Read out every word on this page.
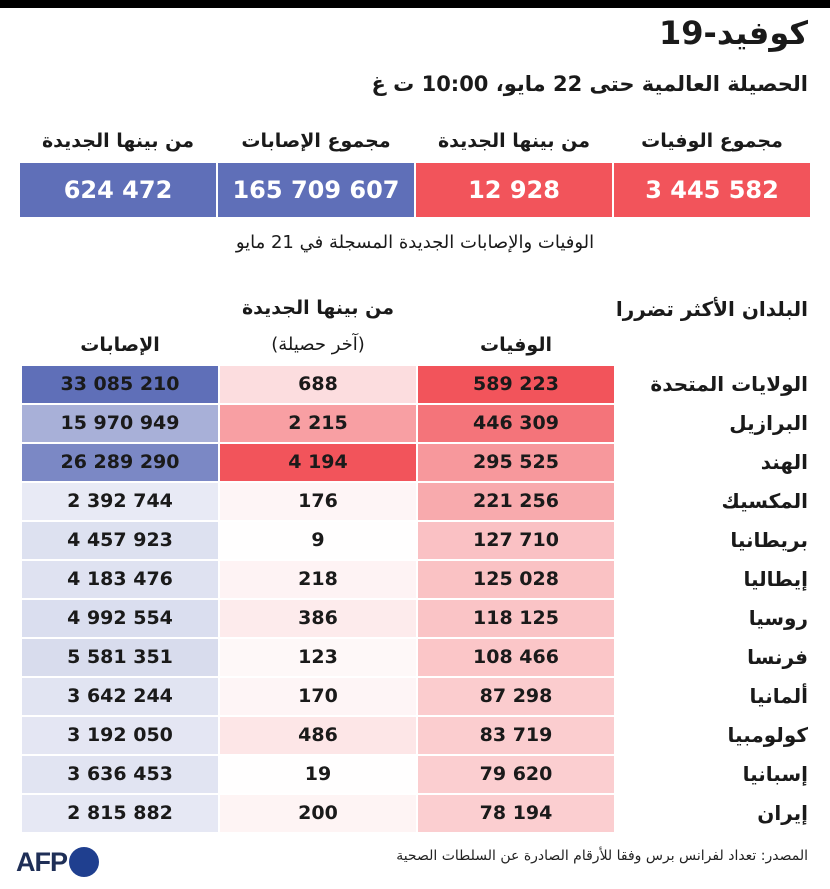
كوفيد-19
الحصيلة العالمية حتى 22 مايو، 10:00 ت غ
مجموع الوفيات
من بينها الجديدة
مجموع الإصابات
من بينها الجديدة
3 445 582
12 928
165 709 607
624 472
الوفيات والإصابات الجديدة المسجلة في 21 مايو
البلدان الأكثر تضررا
الوفيات
من بينها الجديدة
(آخر حصيلة)
الإصابات
الولايات المتحدة
589 223
688
33 085 210
البرازيل
446 309
2 215
15 970 949
الهند
295 525
4 194
26 289 290
المكسيك
221 256
176
2 392 744
بريطانيا
127 710
9
4 457 923
إيطاليا
125 028
218
4 183 476
روسيا
118 125
386
4 992 554
فرنسا
108 466
123
5 581 351
ألمانيا
87 298
170
3 642 244
كولومبيا
83 719
486
3 192 050
إسبانيا
79 620
19
3 636 453
إيران
78 194
200
2 815 882
المصدر: تعداد لفرانس برس وفقا للأرقام الصادرة عن السلطات الصحية
AFP
